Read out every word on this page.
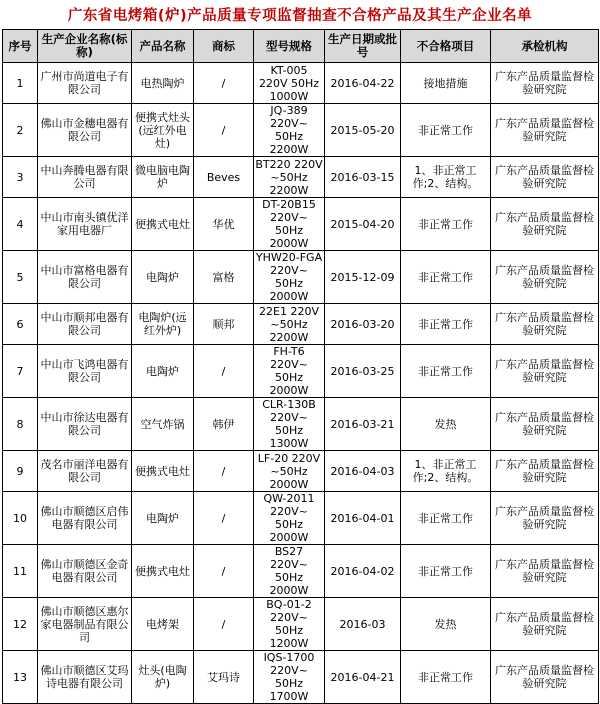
广东省电烤箱(炉)产品质量专项监督抽查不合格产品及其生产企业名单
序号	生产企业名称(标称)	产品名称	商标	型号规格	生产日期或批号	不合格项目	承检机构
1	广州市尚道电子有限公司	电热陶炉	/	KT-005 220V 50Hz 1000W	2016-04-22	接地措施	广东产品质量监督检验研究院
2	佛山市金穗电器有限公司	便携式灶头(远红外电灶)	/	JQ-389 220V~ 50Hz 2200W	2015-05-20	非正常工作	广东产品质量监督检验研究院
3	中山奔腾电器有限公司	微电脑电陶炉	Beves	BT220 220V ~50Hz 2200W	2016-03-15	1、非正常工作;2、结构。	广东产品质量监督检验研究院
4	中山市南头镇优洋家用电器厂	便携式电灶	华优	DT-20B15 220V~ 50Hz 2000W	2015-04-20	非正常工作	广东产品质量监督检验研究院
5	中山市富格电器有限公司	电陶炉	富格	YHW20-FGA 220V~ 50Hz 2000W	2015-12-09	非正常工作	广东产品质量监督检验研究院
6	中山市顺邦电器有限公司	电陶炉(远红外炉)	顺邦	22E1 220V ~50Hz 2200W	2016-03-20	非正常工作	广东产品质量监督检验研究院
7	中山市飞鸿电器有限公司	电陶炉	/	FH-T6 220V~ 50Hz 2000W	2016-03-25	非正常工作	广东产品质量监督检验研究院
8	中山市徐达电器有限公司	空气炸锅	韩伊	CLR-130B 220V~ 50Hz 1300W	2016-03-21	发热	广东产品质量监督检验研究院
9	茂名市丽洋电器有限公司	便携式电灶	/	LF-20 220V ~50Hz 2000W	2016-04-03	1、非正常工作;2、结构。	广东产品质量监督检验研究院
10	佛山市顺德区启伟电器有限公司	电陶炉	/	QW-2011 220V~ 50Hz 2000W	2016-04-01	非正常工作	广东产品质量监督检验研究院
11	佛山市顺德区金奇电器有限公司	便携式电灶	/	BS27 220V~ 50Hz 2000W	2016-04-02	非正常工作	广东产品质量监督检验研究院
12	佛山市顺德区惠尔家电器制品有限公司	电烤架	/	BQ-01-2 220V~ 50Hz 1200W	2016-03	发热	广东产品质量监督检验研究院
13	佛山市顺德区艾玛诗电器有限公司	灶头(电陶炉)	艾玛诗	IQS-1700 220V~ 50Hz 1700W	2016-04-21	非正常工作	广东产品质量监督检验研究院
